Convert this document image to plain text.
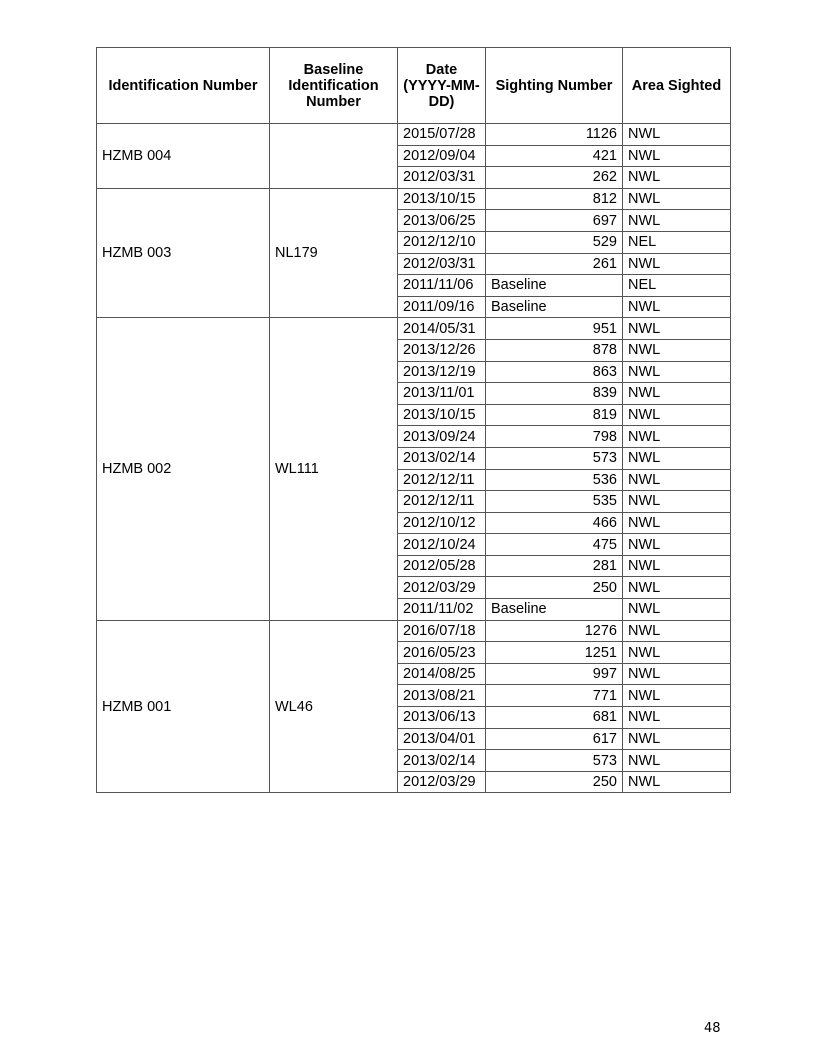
Identification Number	Baseline Identification Number	Date (YYYY-MM-DD)	Sighting Number	Area Sighted
HZMB 004		2015/07/28	1126	NWL
		2012/09/04	421	NWL
		2012/03/31	262	NWL
HZMB 003	NL179	2013/10/15	812	NWL
		2013/06/25	697	NWL
		2012/12/10	529	NEL
		2012/03/31	261	NWL
		2011/11/06	Baseline	NEL
		2011/09/16	Baseline	NWL
HZMB 002	WL111	2014/05/31	951	NWL
		2013/12/26	878	NWL
		2013/12/19	863	NWL
		2013/11/01	839	NWL
		2013/10/15	819	NWL
		2013/09/24	798	NWL
		2013/02/14	573	NWL
		2012/12/11	536	NWL
		2012/12/11	535	NWL
		2012/10/12	466	NWL
		2012/10/24	475	NWL
		2012/05/28	281	NWL
		2012/03/29	250	NWL
		2011/11/02	Baseline	NWL
HZMB 001	WL46	2016/07/18	1276	NWL
		2016/05/23	1251	NWL
		2014/08/25	997	NWL
		2013/08/21	771	NWL
		2013/06/13	681	NWL
		2013/04/01	617	NWL
		2013/02/14	573	NWL
		2012/03/29	250	NWL
48
